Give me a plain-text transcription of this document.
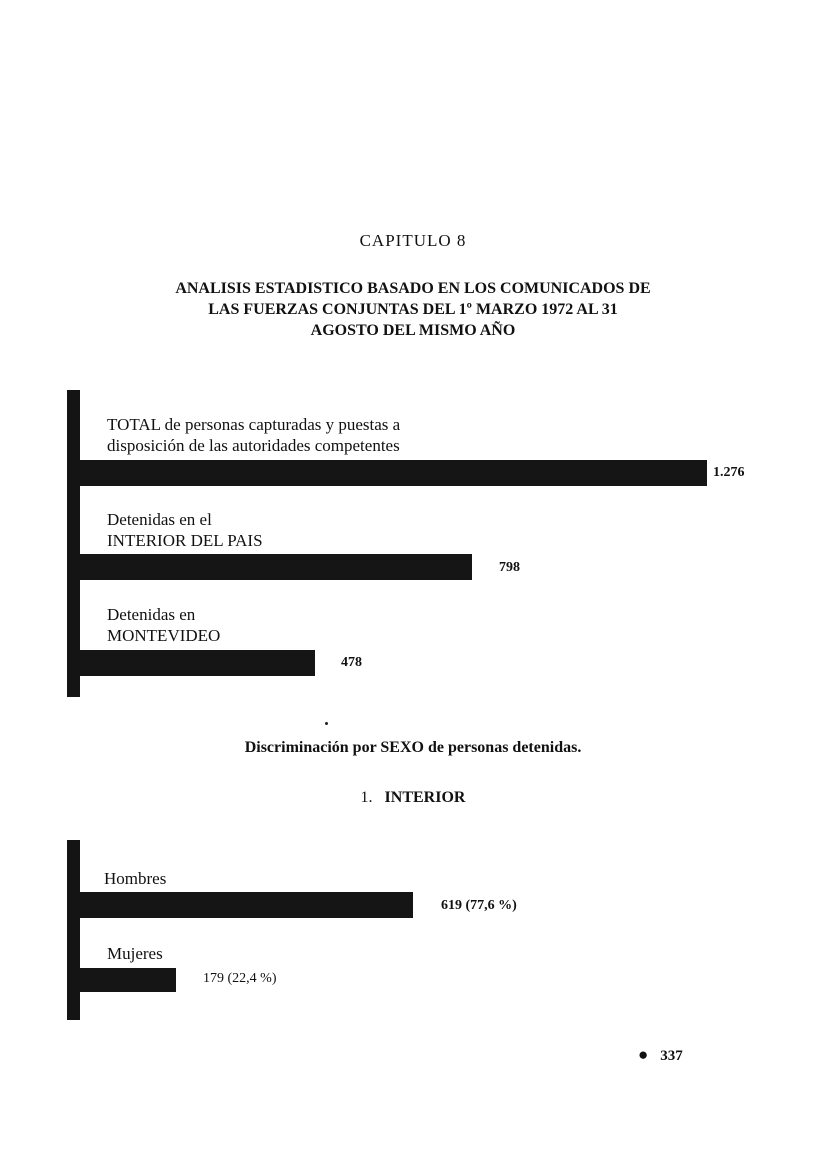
CAPITULO 8
ANALISIS ESTADISTICO BASADO EN LOS COMUNICADOS DE
LAS FUERZAS CONJUNTAS DEL 1º MARZO 1972 AL 31
AGOSTO DEL MISMO AÑO
TOTAL de personas capturadas y puestas a
disposición de las autoridades competentes
1.276
Detenidas en el
INTERIOR DEL PAIS
798
Detenidas en
MONTEVIDEO
478
Discriminación por SEXO de personas detenidas.
1. INTERIOR
Hombres
619 (77,6 %)
Mujeres
179 (22,4 %)
● 337
